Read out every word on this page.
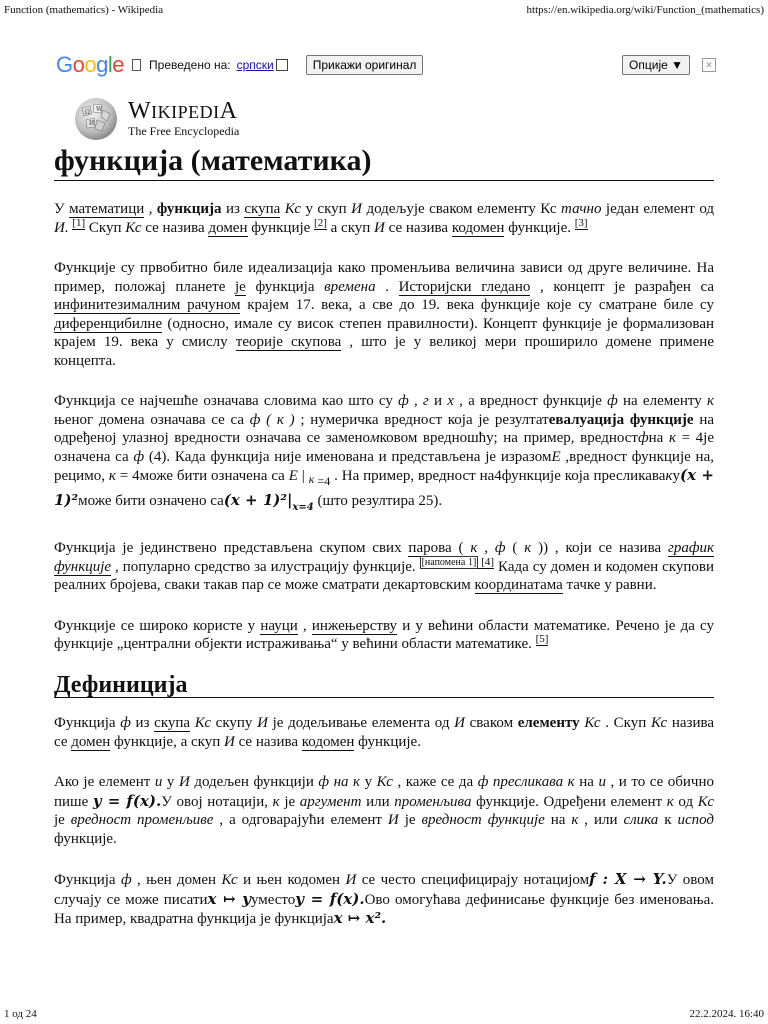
Function (mathematics) - Wikipedia	https://en.wikipedia.org/wiki/Function_(mathematics)
Google Преведено на: српски	Прикажи оригинал	Опције ▼	✕
Ω W
И WIKIPEDIA
The Free Encyclopedia
функција (математика)

У математици , функција из скупа Кс у скуп И додељује сваком елементу Кс тачно један елемент од И. [1] Скуп Кс се назива домен функције [2] а скуп И се назива кодомен функције. [3]

Функције су првобитно биле идеализација како променљива величина зависи од друге величине. На пример, положај планете је функција времена . Историјски гледано , концепт је разрађен са инфинитезималним рачуном крајем 17. века, а све до 19. века функције које су сматране биле су диференцибилне (односно, имале су висок степен правилности). Концепт функције је формализован крајем 19. века у смислу теорије скупова , што је у великој мери проширило домене примене концепта.

Функција се најчешће означава словима као што су ф , г и х , а вредност функције ф на елементу к њеног домена означава се са ф ( к ) ; нумеричка вредност која је резултатевалуација функције на одређеној улазној вредности означава се заменомковом вредношћу; на пример, вредностфна к = 4је означена са ф (4). Када функција није именована и представљена је изразомЕ ,вредност функције на, рецимо, к = 4може бити означена са Е | $_к$ $_{=4}$ . На пример, вредност на4функције која пресликаваку(x + 1)²може бити означено $са(x + 1)^2|_{x=4}$ (што резултира 25).

Функција је јединствено представљена скупом свих парова ( к , ф ( к )) , који се назива график функције , популарно средство за илустрацију функције. [напомена 1] [4] Када су домен и кодомен скупови реалних бројева, сваки такав пар се може сматрати декартовским координатама тачке у равни.

Функције се широко користе у науци , инжењерству и у већини области математике. Речено је да су функције „централни објекти истраживања“ у већини области математике. [5]

Дефиниција

Функција ф из скупа Кс скупу И је додељивање елемента од И сваком елементу Кс . Скуп Кс назива се домен функције, а скуп И се назива кодомен функције.

Ако је елемент и у И додељен функцији ф на к у Кс , каже се да ф пресликава к на и , и то се обично пише y = f(x).У овој нотацији, к је аргумент или променљива функције. Одређени елемент к од Кс је вредност променљиве , а одговарајући елемент И је вредност функције на к , или слика к испод функције.

Функција ф , њен домен Кс и њен кодомен И се често специфицирају нотацијомf : X → Y.У овом случају се може писатиx ↦ yуместоy = f(x).Ово омогућава дефинисање функције без именовања. На пример, квадратна функција је функцијаx ↦ x².

1 од 24	22.2.2024. 16:40
